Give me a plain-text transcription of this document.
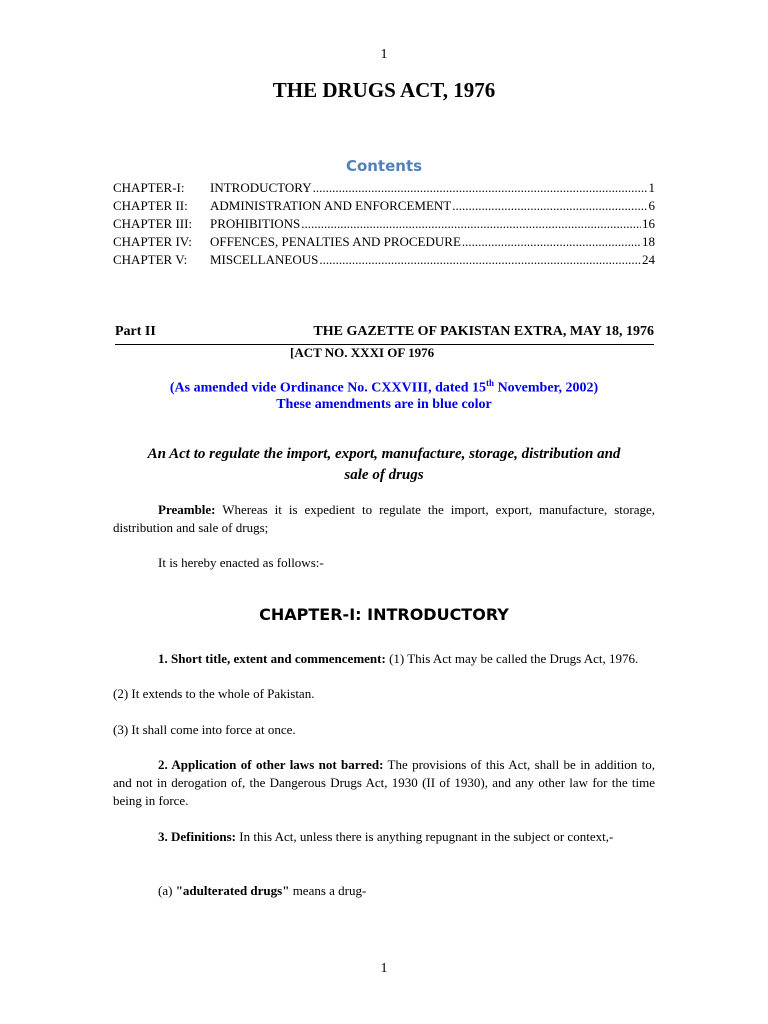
1
THE DRUGS ACT, 1976
Contents
CHAPTER-I:	INTRODUCTORY .....	1
CHAPTER II:	ADMINISTRATION AND ENFORCEMENT .....	6
CHAPTER III:	PROHIBITIONS .....	16
CHAPTER IV:	OFFENCES, PENALTIES AND PROCEDURE .....	18
CHAPTER V:	MISCELLANEOUS .....	24
Part II	THE GAZETTE OF PAKISTAN EXTRA, MAY 18, 1976
[ACT NO. XXXI OF 1976
(As amended vide Ordinance No. CXXVIII, dated 15th November, 2002)
These amendments are in blue color
An Act to regulate the import, export, manufacture, storage, distribution and
sale of drugs
Preamble: Whereas it is expedient to regulate the import, export, manufacture, storage, distribution and sale of drugs;
It is hereby enacted as follows:-
CHAPTER-I: INTRODUCTORY
1. Short title, extent and commencement: (1) This Act may be called the Drugs Act, 1976.
(2) It extends to the whole of Pakistan.
(3) It shall come into force at once.
2. Application of other laws not barred: The provisions of this Act, shall be in addition to, and not in derogation of, the Dangerous Drugs Act, 1930 (II of 1930), and any other law for the time being in force.
3. Definitions: In this Act, unless there is anything repugnant in the subject or context,-
(a) "adulterated drugs" means a drug-
1
